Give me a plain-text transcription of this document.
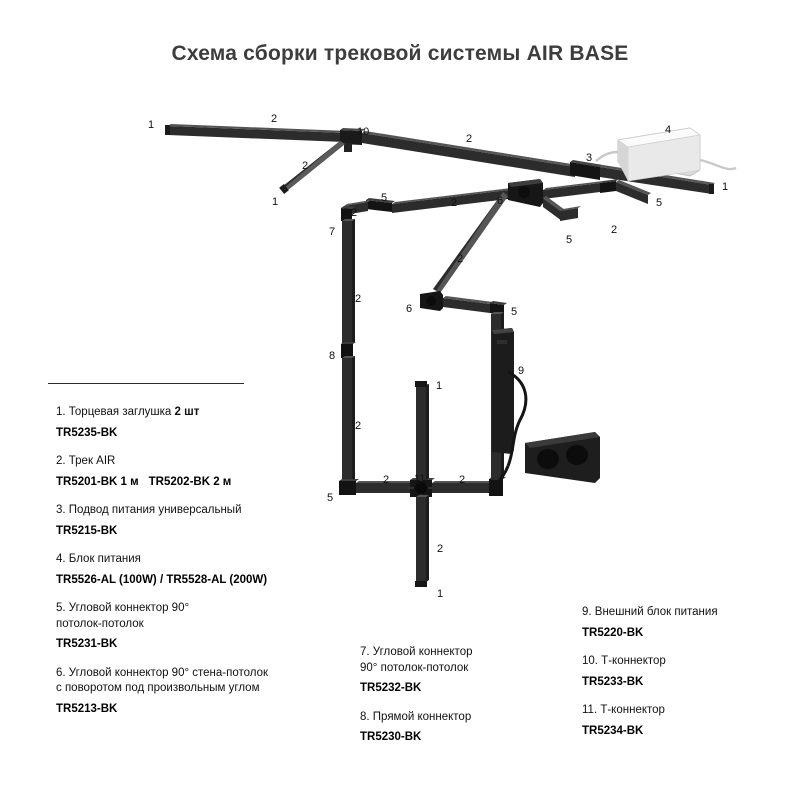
Схема сборки трековой системы AIR BASE
1	2
10
2
3
4
1
2
1	5
2
2	6	5
2
5
7
2
2
6	5
8
9
1
2
2 11	2
5
2
1
1. Торцевая заглушка 2 шт
TR5235-BK
2. Трек AIR
TR5201-BK 1 м TR5202-BK 2 м
3. Подвод питания универсальный
TR5215-BK
4. Блок питания
TR5526-AL (100W) / TR5528-AL (200W)
5. Угловой коннектор 90°
потолок-потолок
TR5231-BK
6. Угловой коннектор 90° стена-потолок
с поворотом под произвольным углом
TR5213-BK
7. Угловой коннектор
90° потолок-потолок
TR5232-BK
8. Прямой коннектор
TR5230-BK
9. Внешний блок питания
TR5220-BK
10. Т-коннектор
TR5233-BK
11. Т-коннектор
TR5234-BK
